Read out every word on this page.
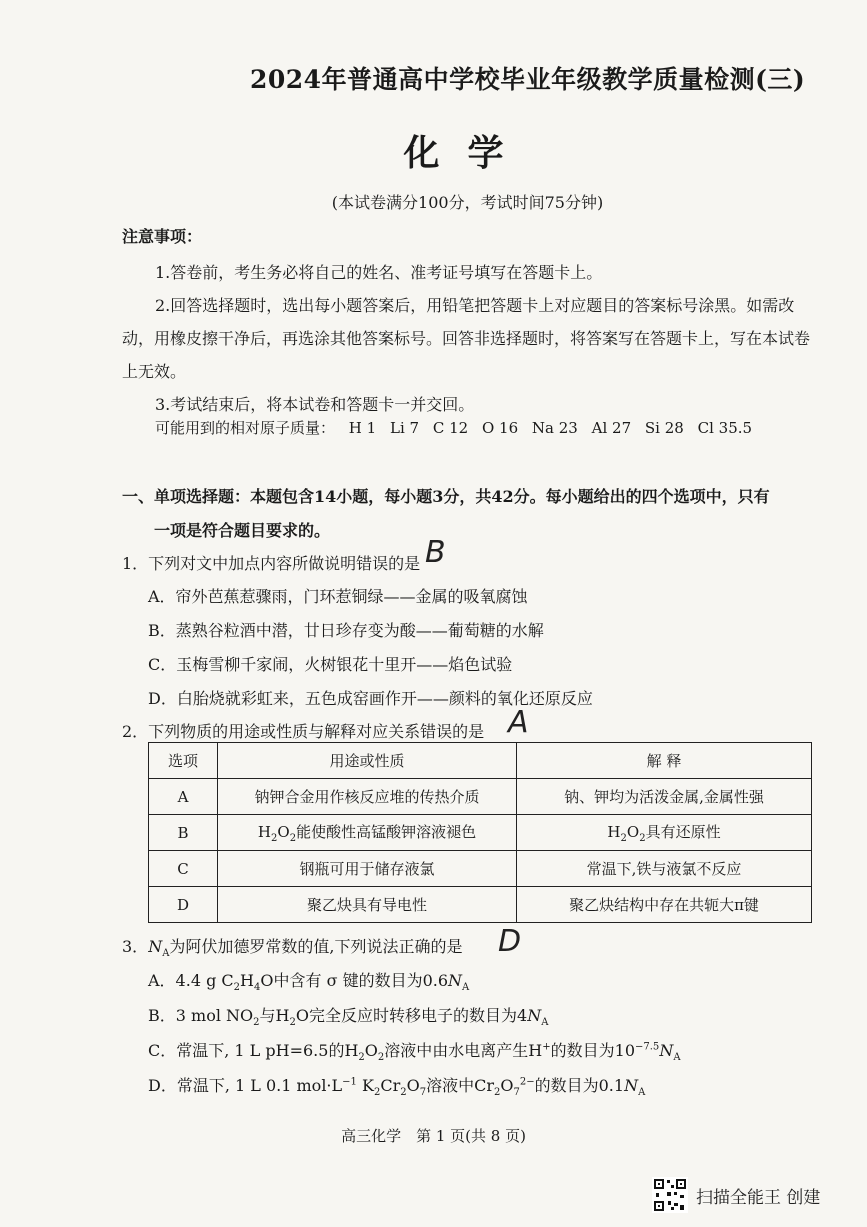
2024年普通高中学校毕业年级教学质量检测(三)
化学
(本试卷满分100分，考试时间75分钟)
注意事项：
1.答卷前，考生务必将自己的姓名、准考证号填写在答题卡上。
2.回答选择题时，选出每小题答案后，用铅笔把答题卡上对应题目的答案标号涂黑。如需改动，用橡皮擦干净后，再选涂其他答案标号。回答非选择题时，将答案写在答题卡上，写在本试卷上无效。
3.考试结束后，将本试卷和答题卡一并交回。
可能用到的相对原子质量： H 1 Li 7 C 12 O 16 Na 23 Al 27 Si 28 Cl 35.5
一、单项选择题：本题包含14小题，每小题3分，共42分。每小题给出的四个选项中，只有
一项是符合题目要求的。
1．下列对文中加点内容所做说明错误的是 B
A．帘外芭蕉惹骤雨，门环惹铜绿——金属的吸氧腐蚀
B．蒸熟谷粒酒中潜，廿日珍存变为酸——葡萄糖的水解
C．玉梅雪柳千家闹，火树银花十里开——焰色试验
D．白胎烧就彩虹来，五色成窑画作开——颜料的氧化还原反应
2．下列物质的用途或性质与解释对应关系错误的是 A
选项	用途或性质	解 释
A	钠钾合金用作核反应堆的传热介质	钠、钾均为活泼金属,金属性强
B	$H_2O_2$能使酸性高锰酸钾溶液褪色	$H_2O_2$具有还原性
C	钢瓶可用于储存液氯	常温下,铁与液氯不反应
D	聚乙炔具有导电性	聚乙炔结构中存在共轭大π键
3．$N_A$为阿伏加德罗常数的值,下列说法正确的是 D
A．4.4 g $C_2H_4O$中含有 σ 键的数目为$0.6N_A$
B．3 mol $NO_2$与$H_2O$完全反应时转移电子的数目为$4N_A$
C．常温下, 1 L pH=6.5的$H_2O_2$溶液中由水电离产生H+的数目为$10^{-7.5}N_A$
D．常温下, 1 L 0.1 $mol\cdot L^{-1}$ $K_2Cr_2O_7$溶液中$Cr_2O_7^{2-}$的数目为$0.1N_A$
高三化学　第 1 页(共 8 页)
扫描全能王 创建
